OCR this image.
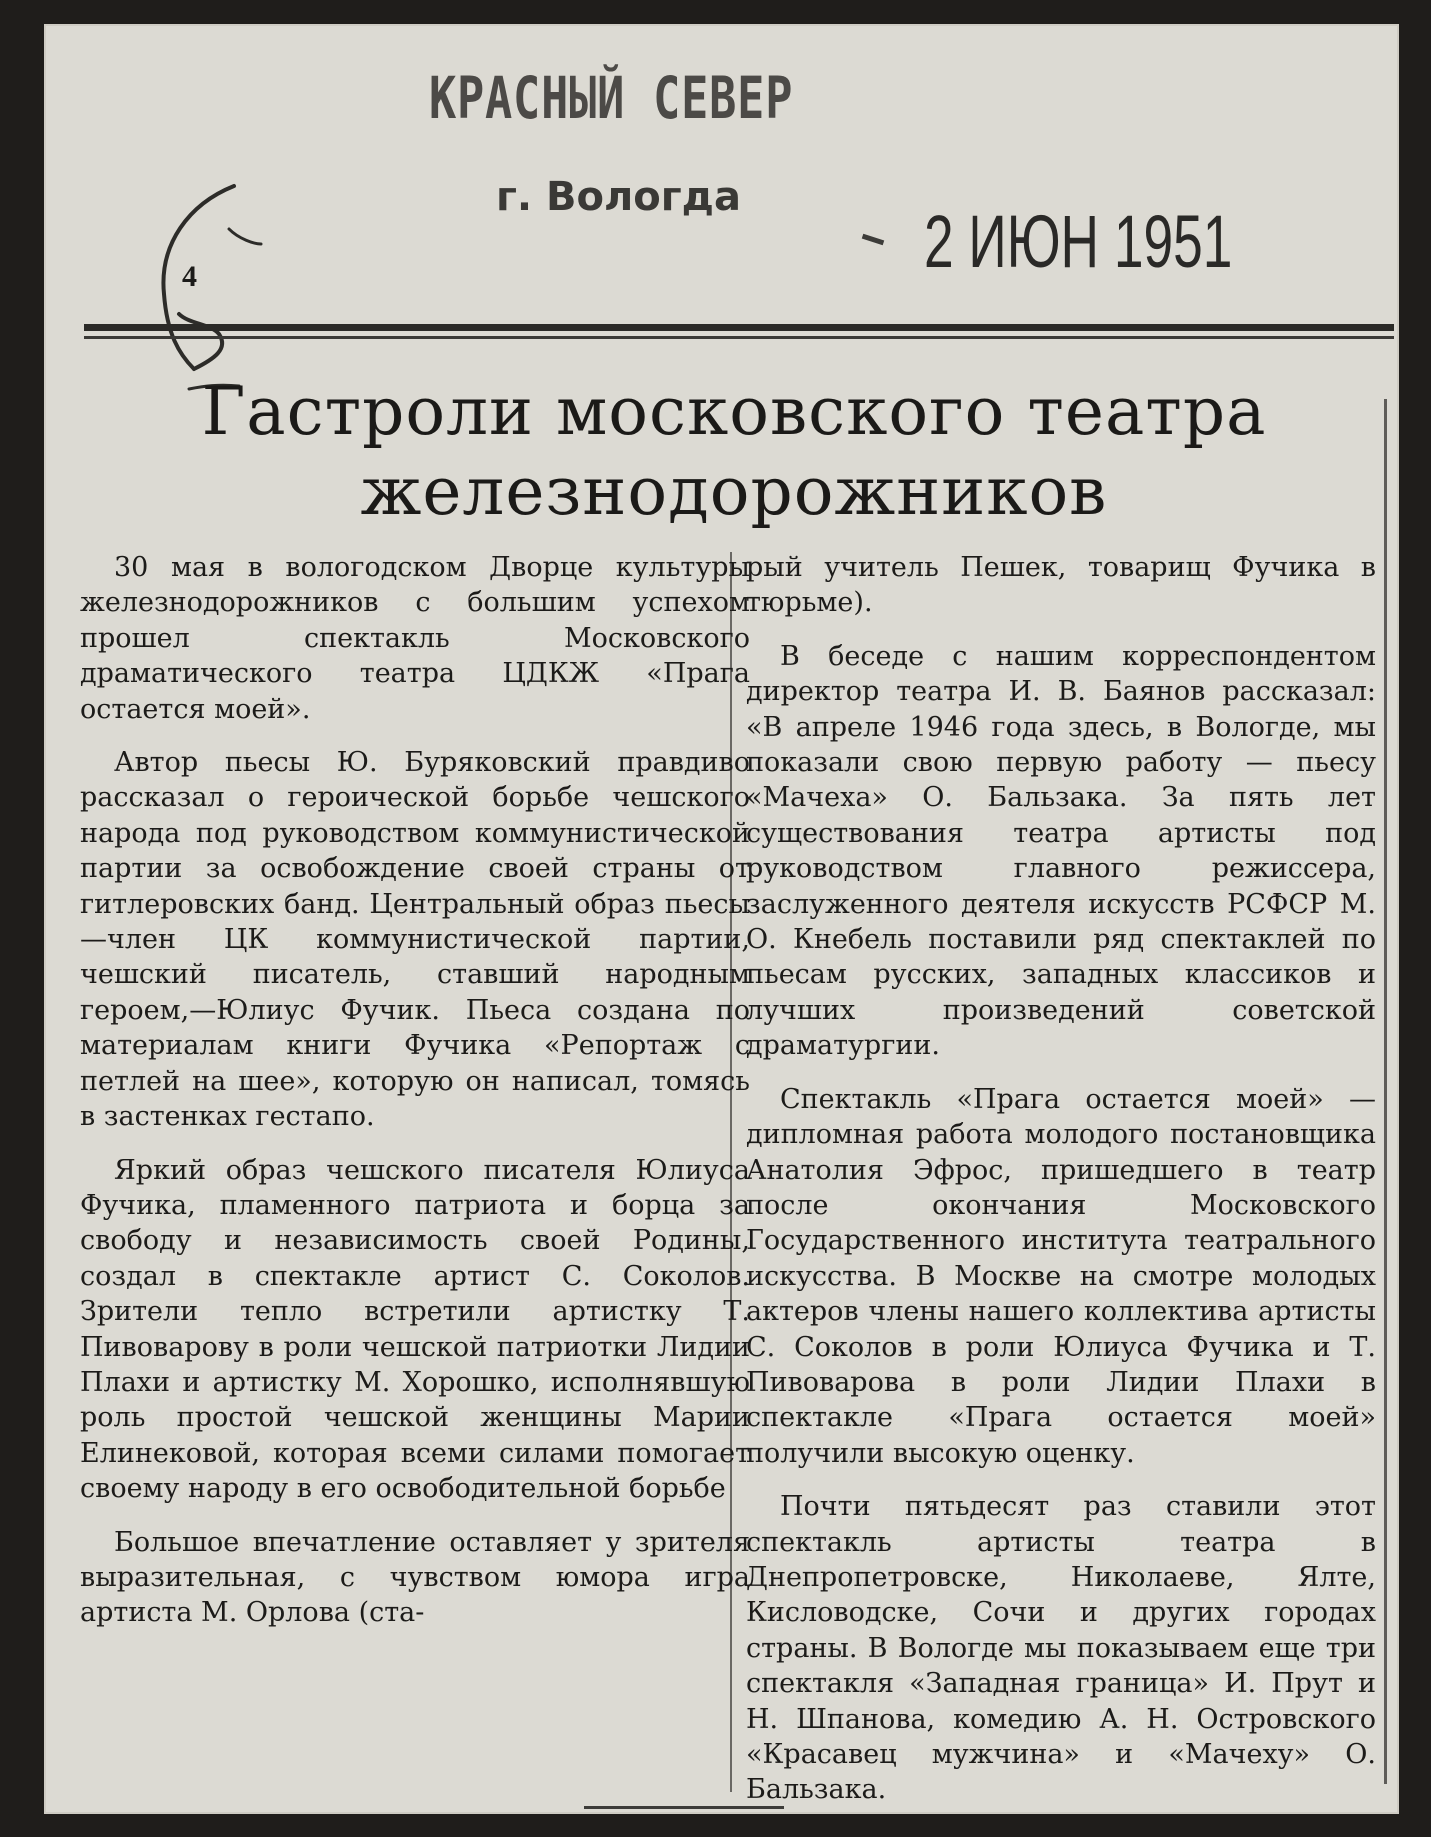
КРАСНЫЙ СЕВЕР
г. Вологда
2 ИЮН 1951
4
Гастроли московского театра
железнодорожников

30 мая в вологодском Дворце культуры железнодорожников с большим успехом прошел спектакль Московского драматического театра ЦДКЖ «Прага остается моей».

Автор пьесы Ю. Буряковский правдиво рассказал о героической борьбе чешского народа под руководством коммунистической партии за освобождение своей страны от гитлеровских банд. Центральный образ пьесы—член ЦК коммунистической партии, чешский писатель, ставший народным героем,—Юлиус Фучик. Пьеса создана по материалам книги Фучика «Репортаж с петлей на шее», которую он написал, томясь в застенках гестапо.

Яркий образ чешского писателя Юлиуса Фучика, пламенного патриота и борца за свободу и независимость своей Родины, создал в спектакле артист С. Соколов. Зрители тепло встретили артистку Т. Пивоварову в роли чешской патриотки Лидии Плахи и артистку М. Хорошко, исполнявшую роль простой чешской женщины Марии Елинековой, которая всеми силами помогает своему народу в его освободительной борьбе

Большое впечатление оставляет у зрителя выразительная, с чувством юмора игра артиста М. Орлова (ста-

рый учитель Пешек, товарищ Фучика в тюрьме).

В беседе с нашим корреспондентом директор театра И. В. Баянов рассказал: «В апреле 1946 года здесь, в Вологде, мы показали свою первую работу — пьесу «Мачеха» О. Бальзака. За пять лет существования театра артисты под руководством главного режиссера, заслуженного деятеля искусств РСФСР М. О. Кнебель поставили ряд спектаклей по пьесам русских, западных классиков и лучших произведений советской драматургии.

Спектакль «Прага остается моей» —дипломная работа молодого постановщика Анатолия Эфрос, пришедшего в театр после окончания Московского Государственного института театрального искусства. В Москве на смотре молодых актеров члены нашего коллектива артисты С. Соколов в роли Юлиуса Фучика и Т. Пивоварова в роли Лидии Плахи в спектакле «Прага остается моей» получили высокую оценку.

Почти пятьдесят раз ставили этот спектакль артисты театра в Днепропетровске, Николаеве, Ялте, Кисловодске, Сочи и других городах страны. В Вологде мы показываем еще три спектакля «Западная граница» И. Прут и Н. Шпанова, комедию А. Н. Островского «Красавец мужчина» и «Мачеху» О. Бальзака.
